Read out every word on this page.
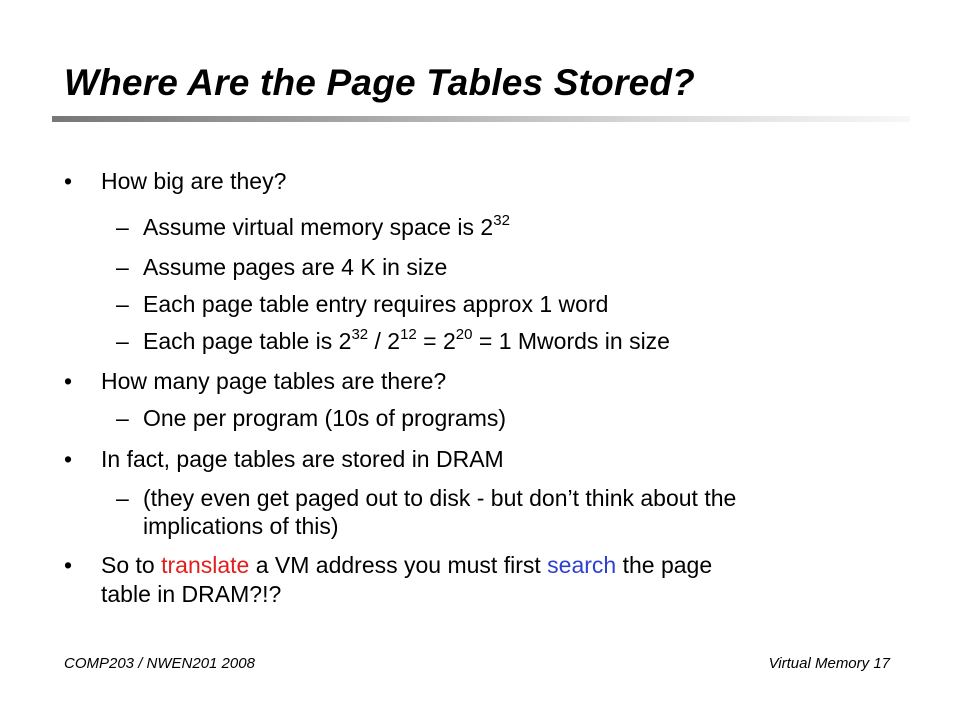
Where Are the Page Tables Stored?
• How big are they?
– Assume virtual memory space is $2^{32}$
– Assume pages are 4 K in size
– Each page table entry requires approx 1 word
– Each page table is $2^{32} / 2^{12} = 2^{20} = 1$ Mwords in size
• How many page tables are there?
– One per program (10s of programs)
• In fact, page tables are stored in DRAM
– (they even get paged out to disk - but don’t think about the
implications of this)
• So to translate a VM address you must first search the page
table in DRAM?!?
COMP203 / NWEN201 2008	Virtual Memory 17
